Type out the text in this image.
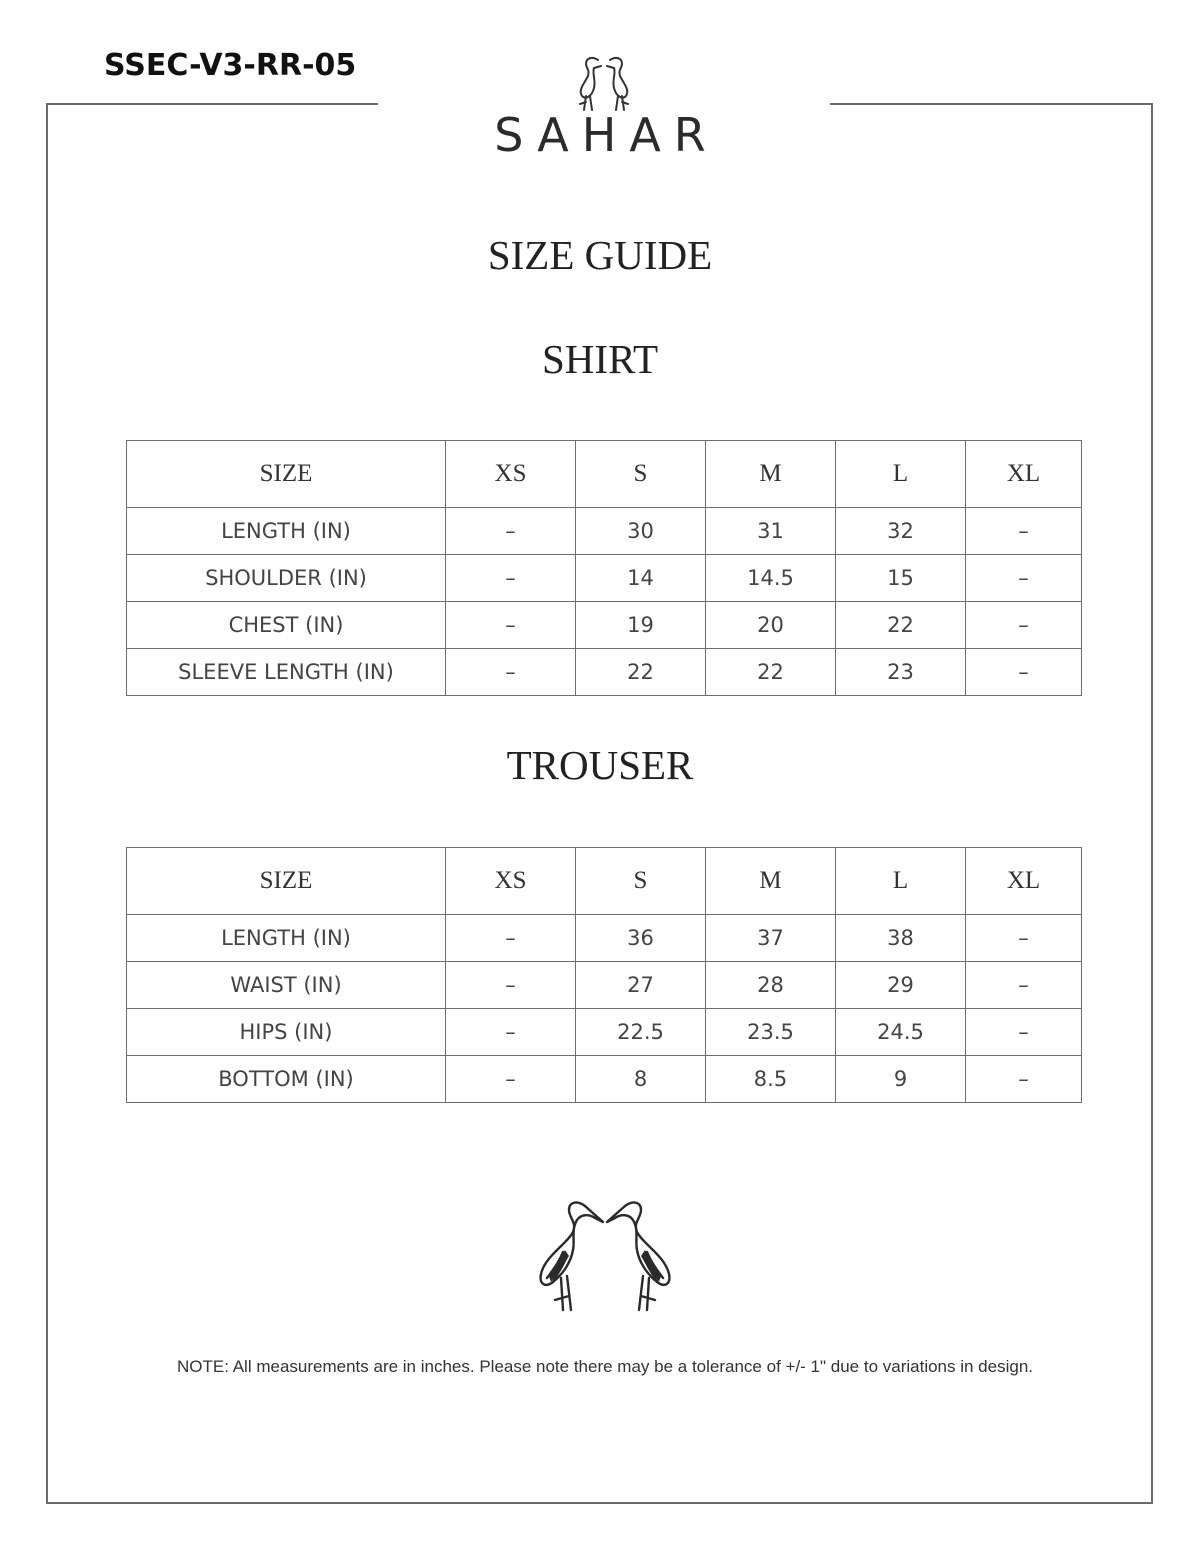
SSEC-V3-RR-05
SAHAR
SIZE GUIDE
SHIRT
SIZE	XS	S	M	L	XL
LENGTH (IN)	–	30	31	32	–
SHOULDER (IN)	–	14	14.5	15	–
CHEST (IN)	–	19	20	22	–
SLEEVE LENGTH (IN)	–	22	22	23	–
TROUSER
SIZE	XS	S	M	L	XL
LENGTH (IN)	–	36	37	38	–
WAIST (IN)	–	27	28	29	–
HIPS (IN)	–	22.5	23.5	24.5	–
BOTTOM (IN)	–	8	8.5	9	–

NOTE: All measurements are in inches. Please note there may be a tolerance of +/- 1" due to variations in design.
